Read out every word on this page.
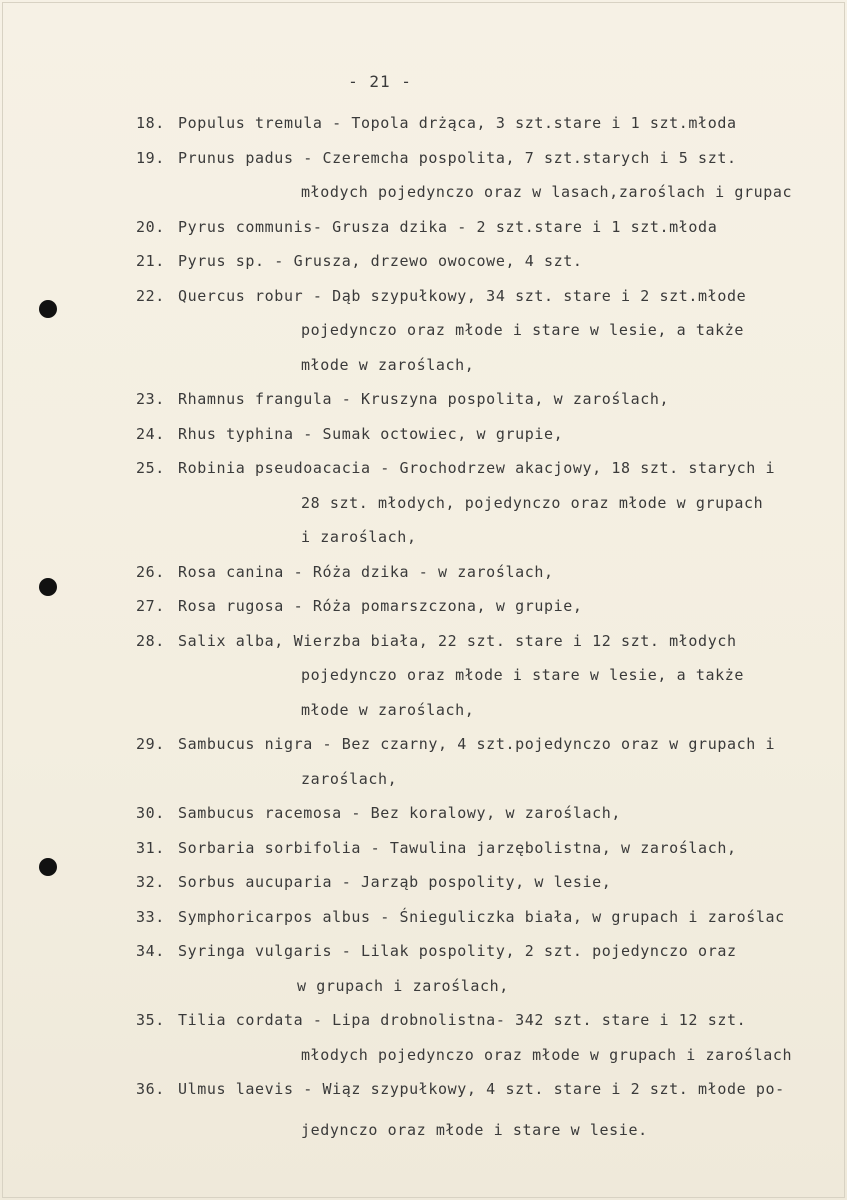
- 21 -
18. Populus tremula - Topola drżąca, 3 szt.stare i 1 szt.młoda
19. Prunus padus - Czeremcha pospolita, 7 szt.starych i 5 szt.
młodych pojedynczo oraz w lasach,zaroślach i grupac
20. Pyrus communis- Grusza dzika - 2 szt.stare i 1 szt.młoda
21. Pyrus sp. - Grusza, drzewo owocowe, 4 szt.
22. Quercus robur - Dąb szypułkowy, 34 szt. stare i 2 szt.młode
pojedynczo oraz młode i stare w lesie, a także
młode w zaroślach,
23. Rhamnus frangula - Kruszyna pospolita, w zaroślach,
24. Rhus typhina - Sumak octowiec, w grupie,
25. Robinia pseudoacacia - Grochodrzew akacjowy, 18 szt. starych i
28 szt. młodych, pojedynczo oraz młode w grupach
i zaroślach,
26. Rosa canina - Róża dzika - w zaroślach,
27. Rosa rugosa - Róża pomarszczona, w grupie,
28. Salix alba, Wierzba biała, 22 szt. stare i 12 szt. młodych
pojedynczo oraz młode i stare w lesie, a także
młode w zaroślach,
29. Sambucus nigra - Bez czarny, 4 szt.pojedynczo oraz w grupach i
zaroślach,
30. Sambucus racemosa - Bez koralowy, w zaroślach,
31. Sorbaria sorbifolia - Tawulina jarzębolistna, w zaroślach,
32. Sorbus aucuparia - Jarząb pospolity, w lesie,
33. Symphoricarpos albus - Śnieguliczka biała, w grupach i zaroślac
34. Syringa vulgaris - Lilak pospolity, 2 szt. pojedynczo oraz
w grupach i zaroślach,
35. Tilia cordata - Lipa drobnolistna- 342 szt. stare i 12 szt.
młodych pojedynczo oraz młode w grupach i zaroślach
36. Ulmus laevis - Wiąz szypułkowy, 4 szt. stare i 2 szt. młode po-
jedynczo oraz młode i stare w lesie.
